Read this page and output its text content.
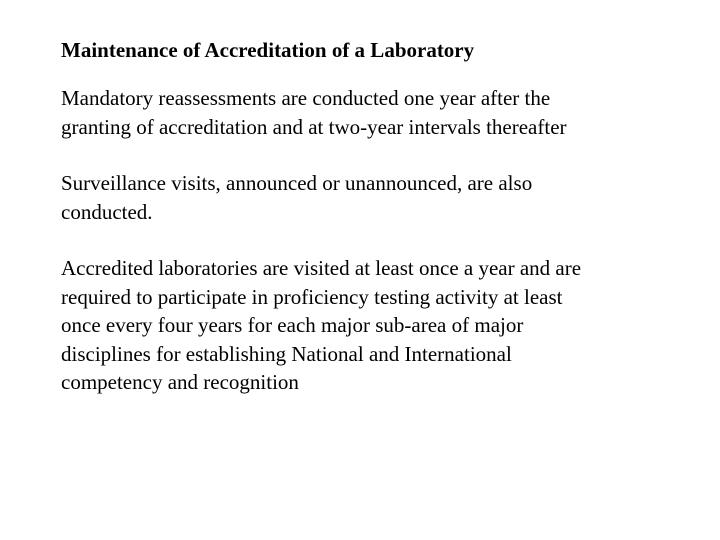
Maintenance of Accreditation of a Laboratory
Mandatory reassessments are conducted one year after the
granting of accreditation and at two-year intervals thereafter
Surveillance visits, announced or unannounced, are also
conducted.
Accredited laboratories are visited at least once a year and are
required to participate in proficiency testing activity at least
once every four years for each major sub-area of major
disciplines for establishing National and International
competency and recognition
